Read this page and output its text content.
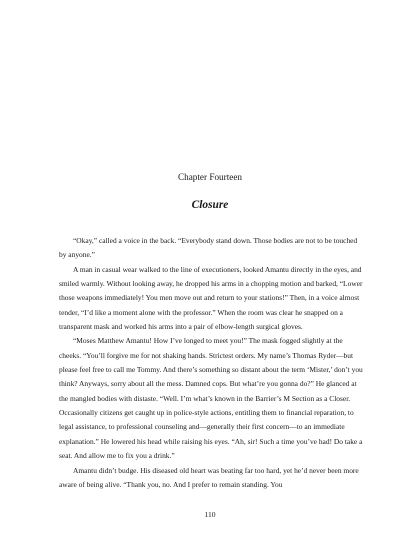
Chapter Fourteen
Closure

“Okay,” called a voice in the back. “Everybody stand down. Those bodies are not to be touched by anyone.”

A man in casual wear walked to the line of executioners, looked Amantu directly in the eyes, and smiled warmly. Without looking away, he dropped his arms in a chopping motion and barked, “Lower those weapons immediately! You men move out and return to your stations!” Then, in a voice almost tender, “I’d like a moment alone with the professor.” When the room was clear he snapped on a transparent mask and worked his arms into a pair of elbow-length surgical gloves.

“Moses Matthew Amantu! How I’ve longed to meet you!” The mask fogged slightly at the cheeks. “You’ll forgive me for not shaking hands. Strictest orders. My name’s Thomas Ryder—but please feel free to call me Tommy. And there’s something so distant about the term ‘Mister,’ don’t you think? Anyways, sorry about all the mess. Damned cops. But what’re you gonna do?” He glanced at the mangled bodies with distaste. “Well. I’m what’s known in the Barrier’s M Section as a Closer. Occasionally citizens get caught up in police-style actions, entitling them to financial reparation, to legal assistance, to professional counseling and—generally their first concern—to an immediate explanation.” He lowered his head while raising his eyes. “Ah, sir! Such a time you’ve had! Do take a seat. And allow me to fix you a drink.”

Amantu didn’t budge. His diseased old heart was beating far too hard, yet he’d never been more aware of being alive. “Thank you, no. And I prefer to remain standing. You

110
